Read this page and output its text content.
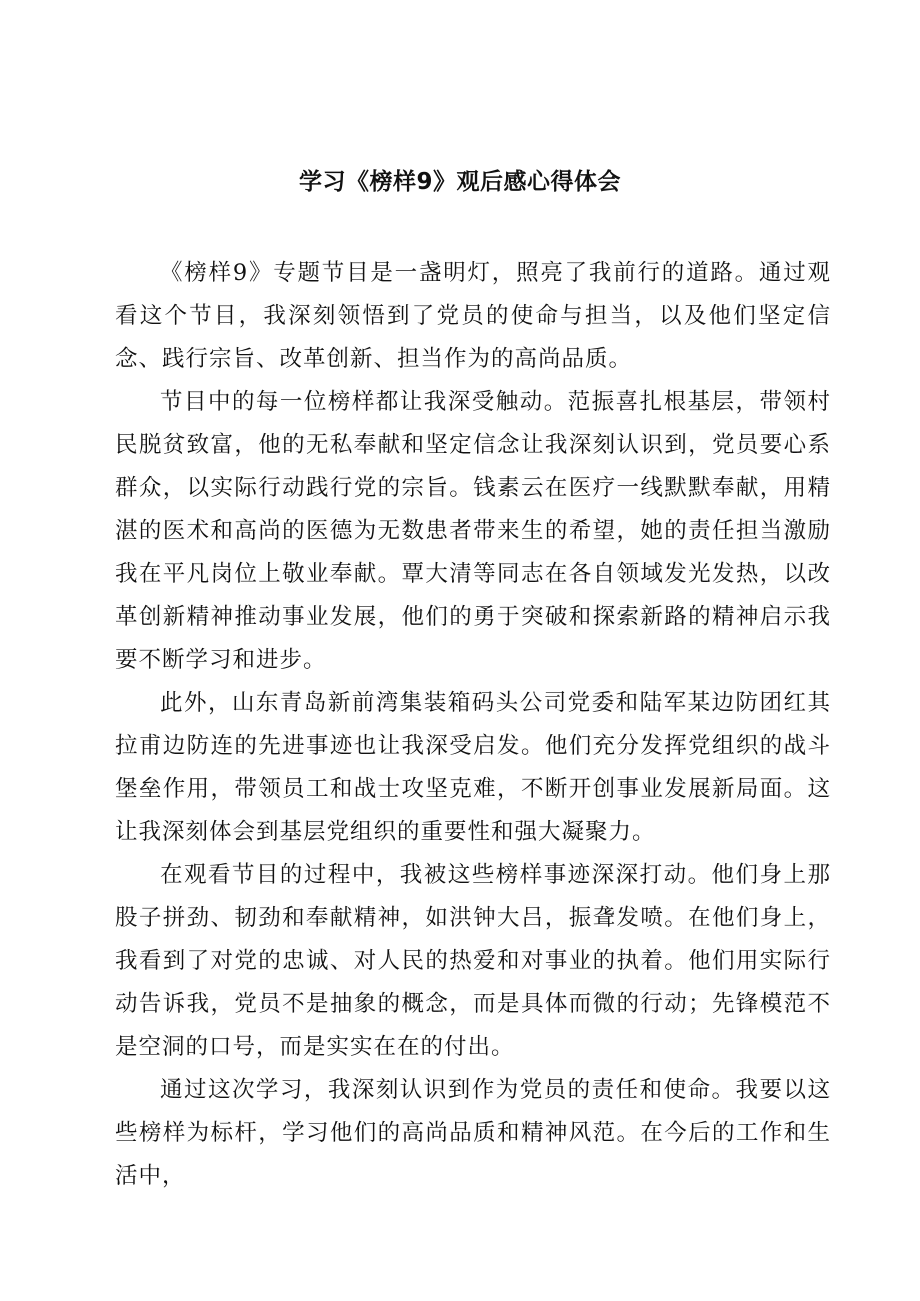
学习《榜样9》观后感心得体会

《榜样9》专题节目是一盏明灯，照亮了我前行的道路。通过观看这个节目，我深刻领悟到了党员的使命与担当，以及他们坚定信念、践行宗旨、改革创新、担当作为的高尚品质。

节目中的每一位榜样都让我深受触动。范振喜扎根基层，带领村民脱贫致富，他的无私奉献和坚定信念让我深刻认识到，党员要心系群众，以实际行动践行党的宗旨。钱素云在医疗一线默默奉献，用精湛的医术和高尚的医德为无数患者带来生的希望，她的责任担当激励我在平凡岗位上敬业奉献。覃大清等同志在各自领域发光发热，以改革创新精神推动事业发展，他们的勇于突破和探索新路的精神启示我要不断学习和进步。

此外，山东青岛新前湾集装箱码头公司党委和陆军某边防团红其拉甫边防连的先进事迹也让我深受启发。他们充分发挥党组织的战斗堡垒作用，带领员工和战士攻坚克难，不断开创事业发展新局面。这让我深刻体会到基层党组织的重要性和强大凝聚力。

在观看节目的过程中，我被这些榜样事迹深深打动。他们身上那股子拼劲、韧劲和奉献精神，如洪钟大吕，振聋发喷。在他们身上，我看到了对党的忠诚、对人民的热爱和对事业的执着。他们用实际行动告诉我，党员不是抽象的概念，而是具体而微的行动；先锋模范不是空洞的口号，而是实实在在的付出。

通过这次学习，我深刻认识到作为党员的责任和使命。我要以这些榜样为标杆，学习他们的高尚品质和精神风范。在今后的工作和生活中，
